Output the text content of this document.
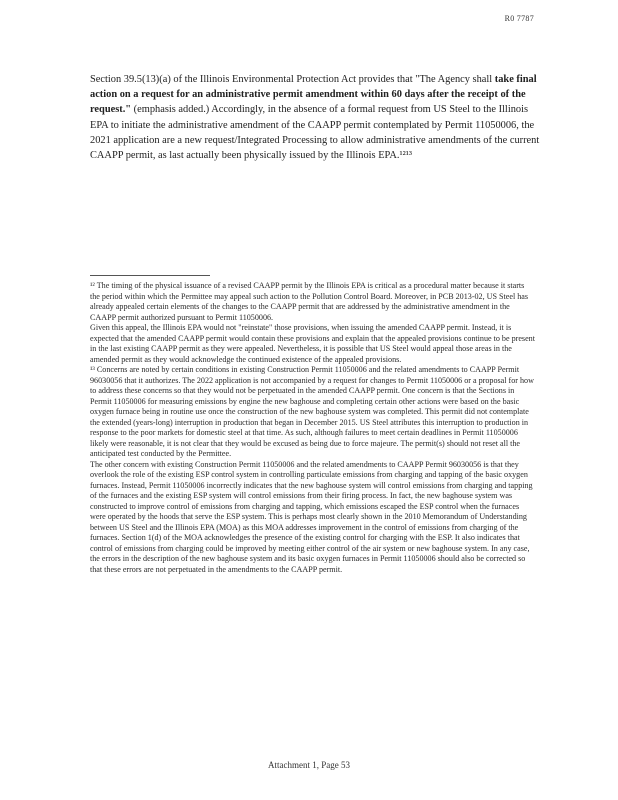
R0 7787
Section 39.5(13)(a) of the Illinois Environmental Protection Act provides that "The Agency shall take final action on a request for an administrative permit amendment within 60 days after the receipt of the request." (emphasis added.) Accordingly, in the absence of a formal request from US Steel to the Illinois EPA to initiate the administrative amendment of the CAAPP permit contemplated by Permit 11050006, the 2021 application are a new request/Integrated Processing to allow administrative amendments of the current CAAPP permit, as last actually been physically issued by the Illinois EPA.¹²¹³

¹² The timing of the physical issuance of a revised CAAPP permit by the Illinois EPA is critical as a procedural matter because it starts the period within which the Permittee may appeal such action to the Pollution Control Board. Moreover, in PCB 2013-02, US Steel has already appealed certain elements of the changes to the CAAPP permit that are addressed by the administrative amendment in the CAAPP permit authorized pursuant to Permit 11050006.

Given this appeal, the Illinois EPA would not "reinstate" those provisions, when issuing the amended CAAPP permit. Instead, it is expected that the amended CAAPP permit would contain these provisions and explain that the appealed provisions continue to be present in the last existing CAAPP permit as they were appealed. Nevertheless, it is possible that US Steel would appeal those areas in the amended permit as they would acknowledge the continued existence of the appealed provisions.

¹³ Concerns are noted by certain conditions in existing Construction Permit 11050006 and the related amendments to CAAPP Permit 96030056 that it authorizes. The 2022 application is not accompanied by a request for changes to Permit 11050006 or a proposal for how to address these concerns so that they would not be perpetuated in the amended CAAPP permit. One concern is that the Sections in Permit 11050006 for measuring emissions by engine the new baghouse and completing certain other actions were based on the basic oxygen furnace being in routine use once the construction of the new baghouse system was completed. This permit did not contemplate the extended (years-long) interruption in production that began in December 2015. US Steel attributes this interruption to production in response to the poor markets for domestic steel at that time. As such, although failures to meet certain deadlines in Permit 11050006 likely were reasonable, it is not clear that they would be excused as being due to force majeure. The permit(s) should not reset all the anticipated test conducted by the Permittee.

The other concern with existing Construction Permit 11050006 and the related amendments to CAAPP Permit 96030056 is that they overlook the role of the existing ESP control system in controlling particulate emissions from charging and tapping of the basic oxygen furnaces. Instead, Permit 11050006 incorrectly indicates that the new baghouse system will control emissions from charging and tapping of the furnaces and the existing ESP system will control emissions from their firing process. In fact, the new baghouse system was constructed to improve control of emissions from charging and tapping, which emissions escaped the ESP control when the furnaces were operated by the hoods that serve the ESP system. This is perhaps most clearly shown in the 2010 Memorandum of Understanding between US Steel and the Illinois EPA (MOA) as this MOA addresses improvement in the control of emissions from charging of the furnaces. Section 1(d) of the MOA acknowledges the presence of the existing control for charging with the ESP. It also indicates that control of emissions from charging could be improved by meeting either control of the air system or new baghouse system. In any case, the errors in the description of the new baghouse system and its basic oxygen furnaces in Permit 11050006 should also be corrected so that these errors are not perpetuated in the amendments to the CAAPP permit.

Attachment 1, Page 53
